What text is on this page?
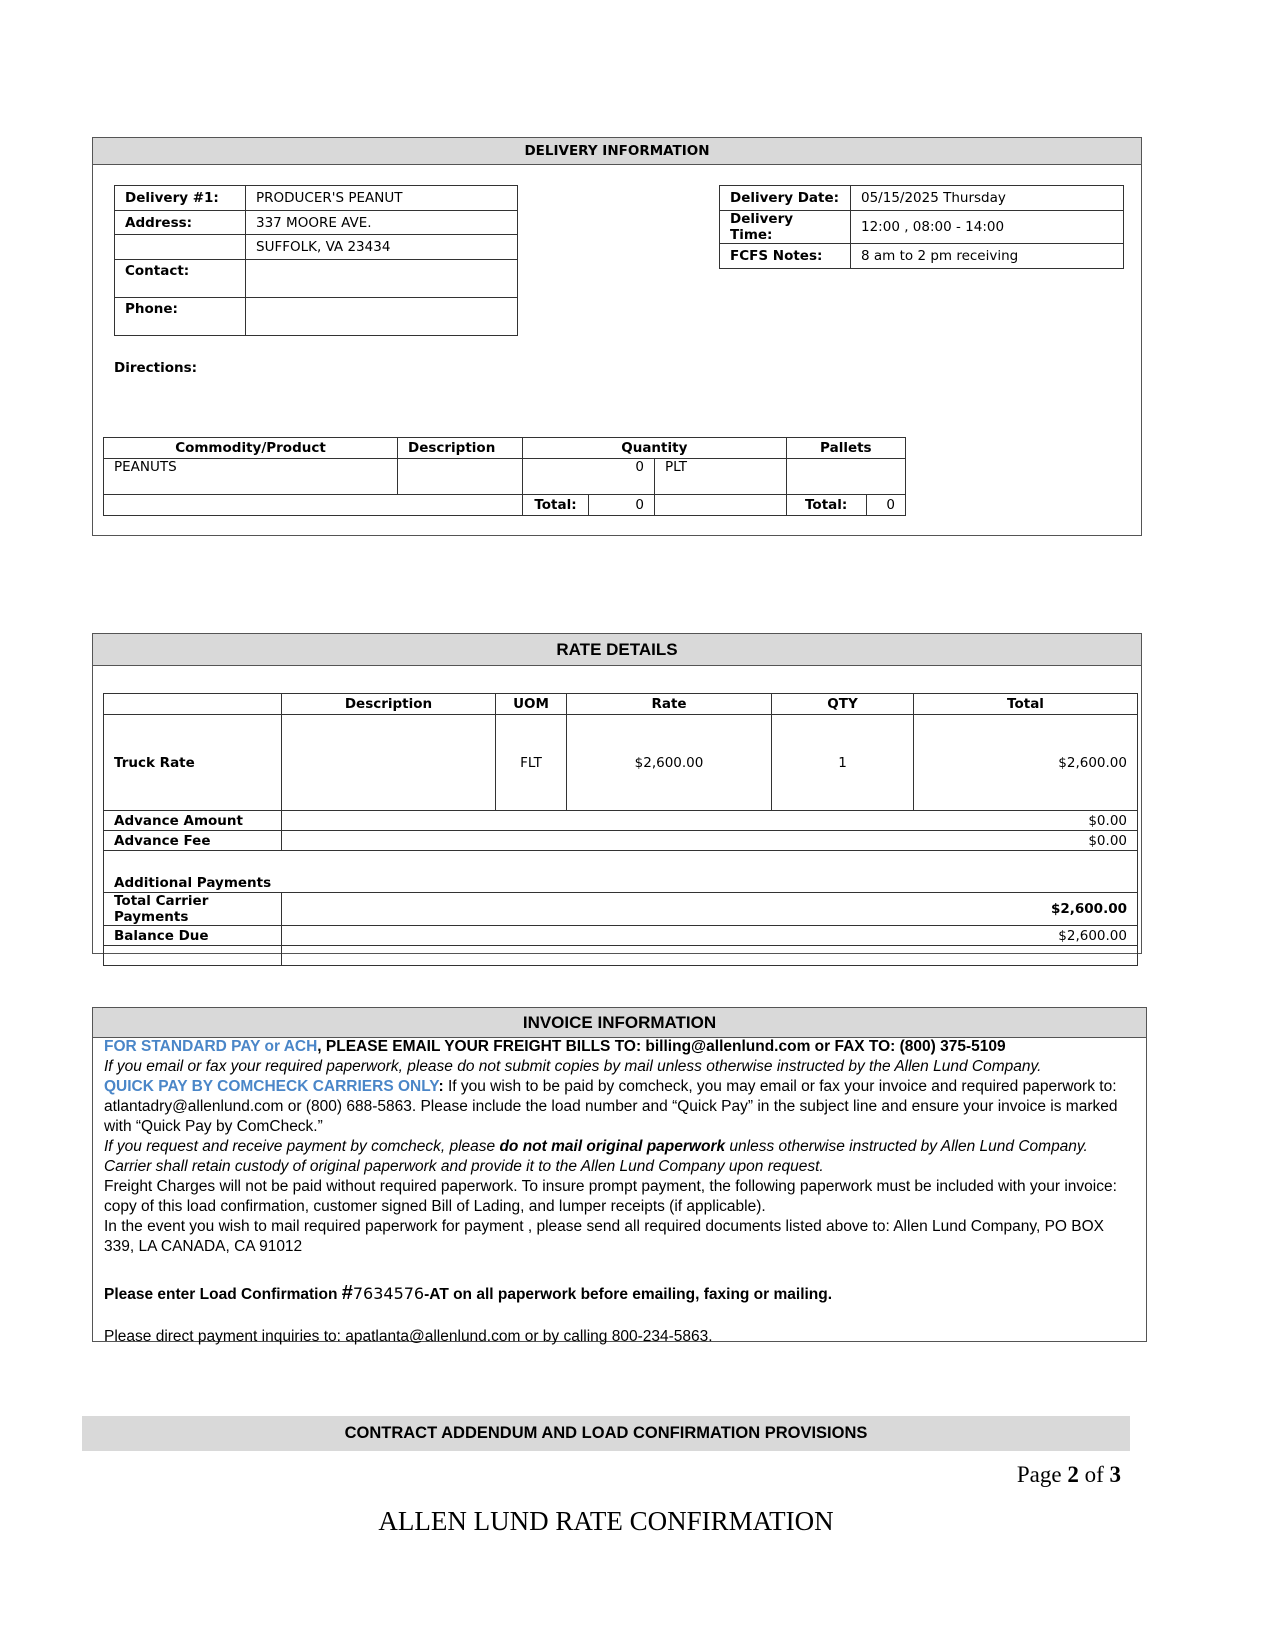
DELIVERY INFORMATION
Delivery #1:	PRODUCER'S PEANUT
Address:	337 MOORE AVE.
	SUFFOLK, VA 23434
Contact:	
Phone:	
Delivery Date:	05/15/2025 Thursday
Delivery Time:	12:00 , 08:00 - 14:00
FCFS Notes:	8 am to 2 pm receiving
Directions:
Commodity/Product	Description	Quantity			Pallets	
PEANUTS		0		PLT		
		Total:	0		Total:	0
RATE DETAILS
	Description	UOM	Rate	QTY	Total
Truck Rate		FLT	$2,600.00	1	$2,600.00
Advance Amount	$0.00				
Advance Fee	$0.00				
Additional Payments					
Total Carrier Payments	$2,600.00				
Balance Due	$2,600.00				

INVOICE INFORMATION
FOR STANDARD PAY or ACH, PLEASE EMAIL YOUR FREIGHT BILLS TO: billing@allenlund.com or FAX TO: (800) 375-5109
If you email or fax your required paperwork, please do not submit copies by mail unless otherwise instructed by the Allen Lund Company.
QUICK PAY BY COMCHECK CARRIERS ONLY: If you wish to be paid by comcheck, you may email or fax your invoice and required paperwork to: atlantadry@allenlund.com or (800) 688-5863. Please include the load number and “Quick Pay” in the subject line and ensure your invoice is marked with “Quick Pay by ComCheck.”
If you request and receive payment by comcheck, please do not mail original paperwork unless otherwise instructed by Allen Lund Company. Carrier shall retain custody of original paperwork and provide it to the Allen Lund Company upon request.
Freight Charges will not be paid without required paperwork. To insure prompt payment, the following paperwork must be included with your invoice: copy of this load confirmation, customer signed Bill of Lading, and lumper receipts (if applicable).
In the event you wish to mail required paperwork for payment , please send all required documents listed above to: Allen Lund Company, PO BOX 339, LA CANADA, CA 91012
Please enter Load Confirmation #7634576-AT on all paperwork before emailing, faxing or mailing.
Please direct payment inquiries to: apatlanta@allenlund.com or by calling 800-234-5863.
CONTRACT ADDENDUM AND LOAD CONFIRMATION PROVISIONS
Page 2 of 3
ALLEN LUND RATE CONFIRMATION
